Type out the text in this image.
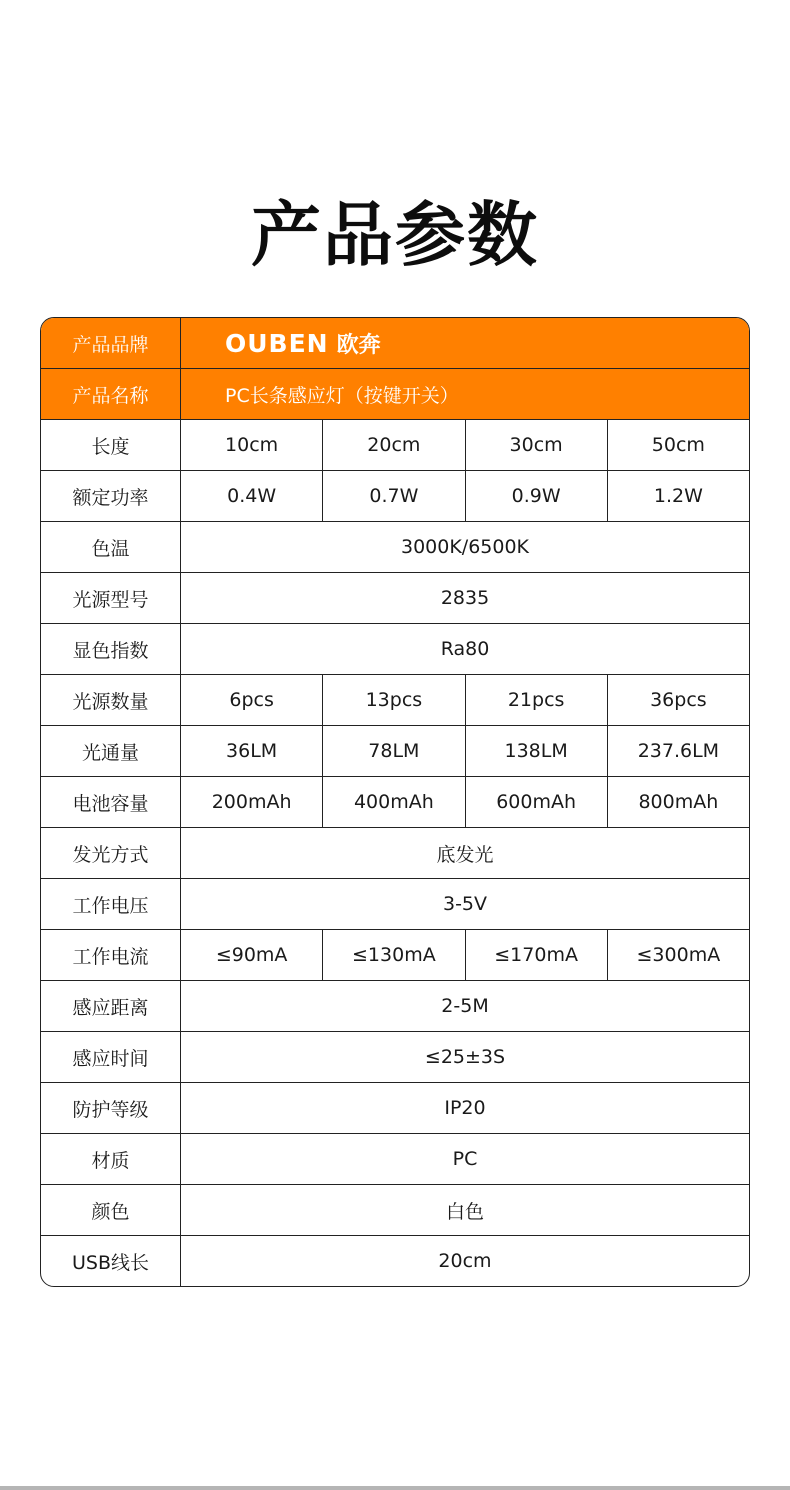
产品参数
产品品牌	OUBEN 欧奔
产品名称	PC长条感应灯（按键开关）
长度	10cm	20cm	30cm	50cm
额定功率	0.4W	0.7W	0.9W	1.2W
色温	3000K/6500K
光源型号	2835
显色指数	Ra80
光源数量	6pcs	13pcs	21pcs	36pcs
光通量	36LM	78LM	138LM	237.6LM
电池容量	200mAh	400mAh	600mAh	800mAh
发光方式	底发光
工作电压	3-5V
工作电流	≤90mA	≤130mA	≤170mA	≤300mA
感应距离	2-5M
感应时间	≤25±3S
防护等级	IP20
材质	PC
颜色	白色
USB线长	20cm
